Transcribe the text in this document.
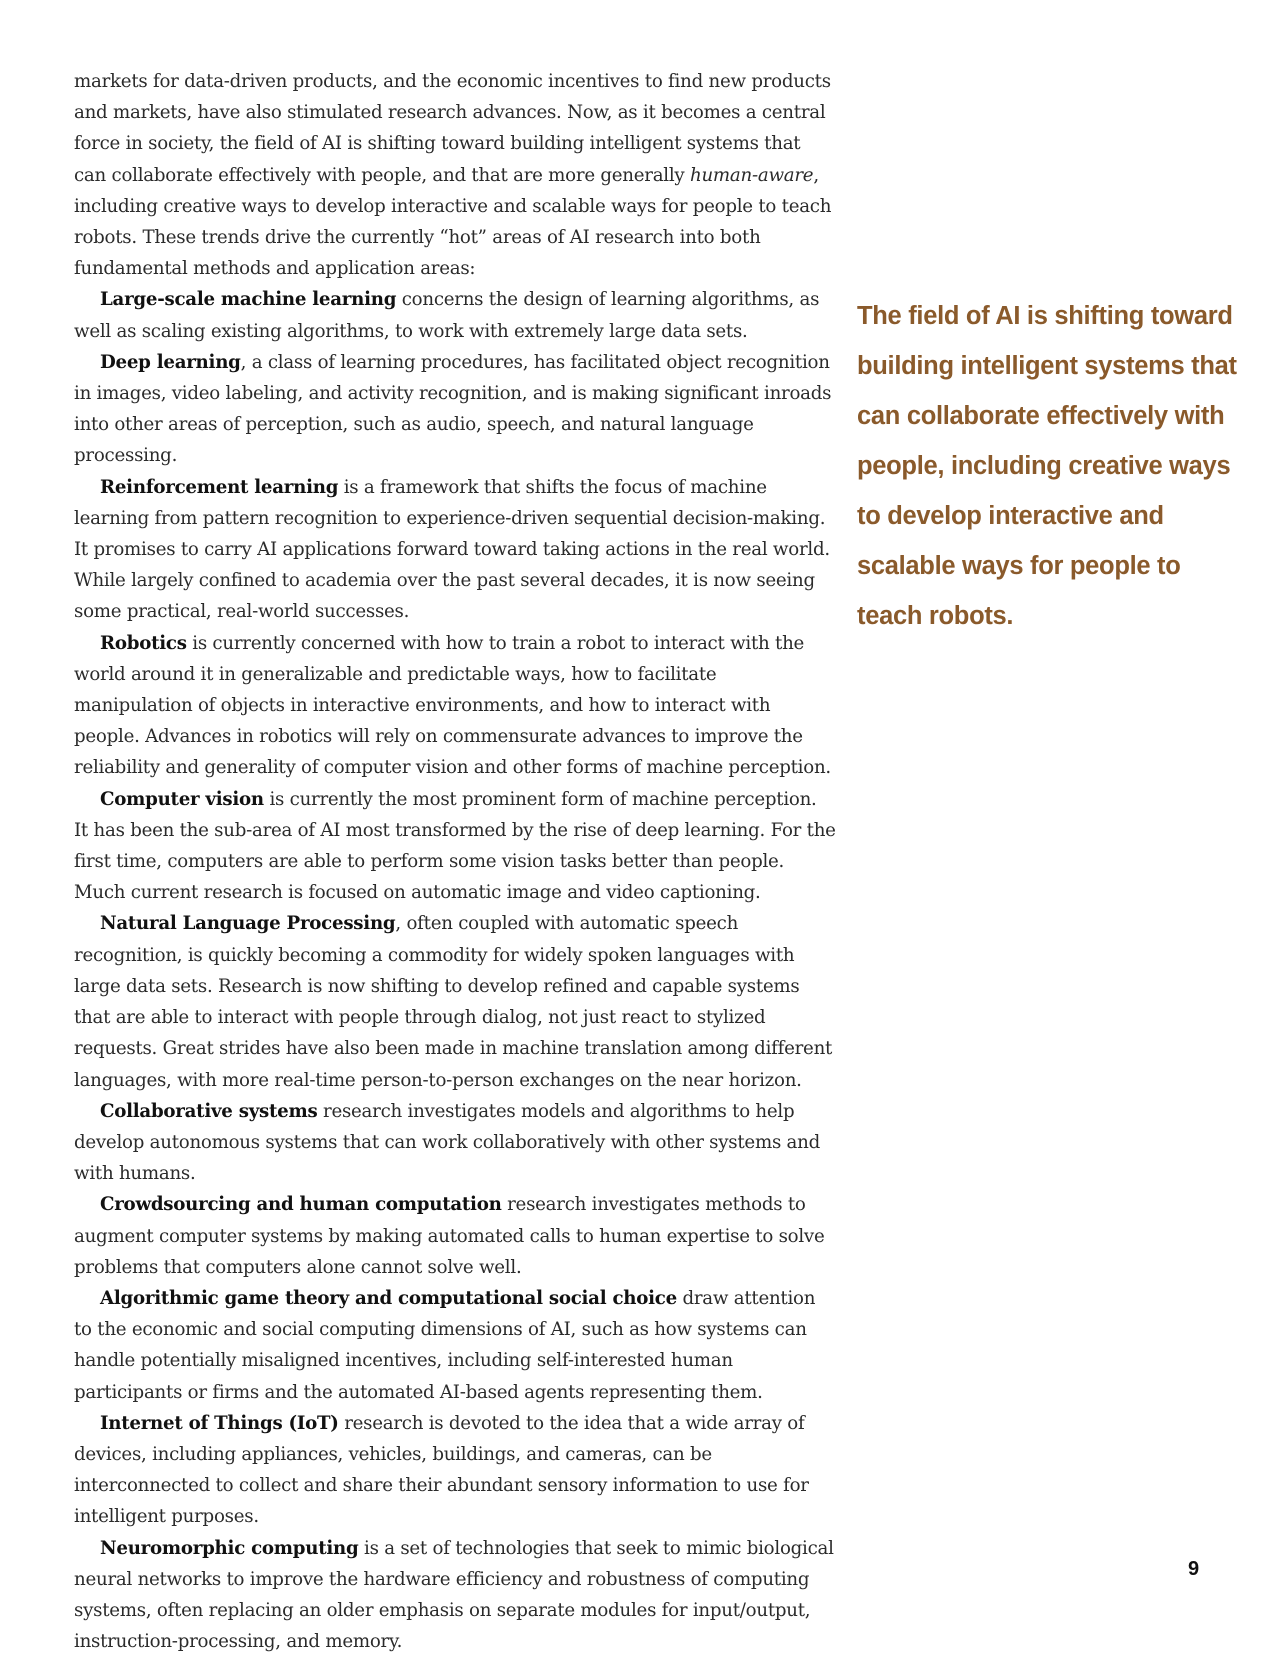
markets for data-driven products, and the economic incentives to find new products and markets, have also stimulated research advances. Now, as it becomes a central force in society, the field of AI is shifting toward building intelligent systems that can collaborate effectively with people, and that are more generally human-aware, including creative ways to develop interactive and scalable ways for people to teach robots. These trends drive the currently “hot” areas of AI research into both fundamental methods and application areas:

Large-scale machine learning concerns the design of learning algorithms, as well as scaling existing algorithms, to work with extremely large data sets.

Deep learning, a class of learning procedures, has facilitated object recognition in images, video labeling, and activity recognition, and is making significant inroads into other areas of perception, such as audio, speech, and natural language processing.

Reinforcement learning is a framework that shifts the focus of machine learning from pattern recognition to experience-driven sequential decision-making. It promises to carry AI applications forward toward taking actions in the real world. While largely confined to academia over the past several decades, it is now seeing some practical, real-world successes.

Robotics is currently concerned with how to train a robot to interact with the world around it in generalizable and predictable ways, how to facilitate manipulation of objects in interactive environments, and how to interact with people. Advances in robotics will rely on commensurate advances to improve the reliability and generality of computer vision and other forms of machine perception.

Computer vision is currently the most prominent form of machine perception. It has been the sub-area of AI most transformed by the rise of deep learning. For the first time, computers are able to perform some vision tasks better than people. Much current research is focused on automatic image and video captioning.

Natural Language Processing, often coupled with automatic speech recognition, is quickly becoming a commodity for widely spoken languages with large data sets. Research is now shifting to develop refined and capable systems that are able to interact with people through dialog, not just react to stylized requests. Great strides have also been made in machine translation among different languages, with more real-time person-to-person exchanges on the near horizon.

Collaborative systems research investigates models and algorithms to help develop autonomous systems that can work collaboratively with other systems and with humans.

Crowdsourcing and human computation research investigates methods to augment computer systems by making automated calls to human expertise to solve problems that computers alone cannot solve well.

Algorithmic game theory and computational social choice draw attention to the economic and social computing dimensions of AI, such as how systems can handle potentially misaligned incentives, including self-interested human participants or firms and the automated AI-based agents representing them.

Internet of Things (IoT) research is devoted to the idea that a wide array of devices, including appliances, vehicles, buildings, and cameras, can be interconnected to collect and share their abundant sensory information to use for intelligent purposes.

Neuromorphic computing is a set of technologies that seek to mimic biological neural networks to improve the hardware efficiency and robustness of computing systems, often replacing an older emphasis on separate modules for input/output, instruction-processing, and memory.

The field of AI is shifting toward building intelligent systems that can collaborate effectively with people, including creative ways to develop interactive and scalable ways for people to teach robots.
9
